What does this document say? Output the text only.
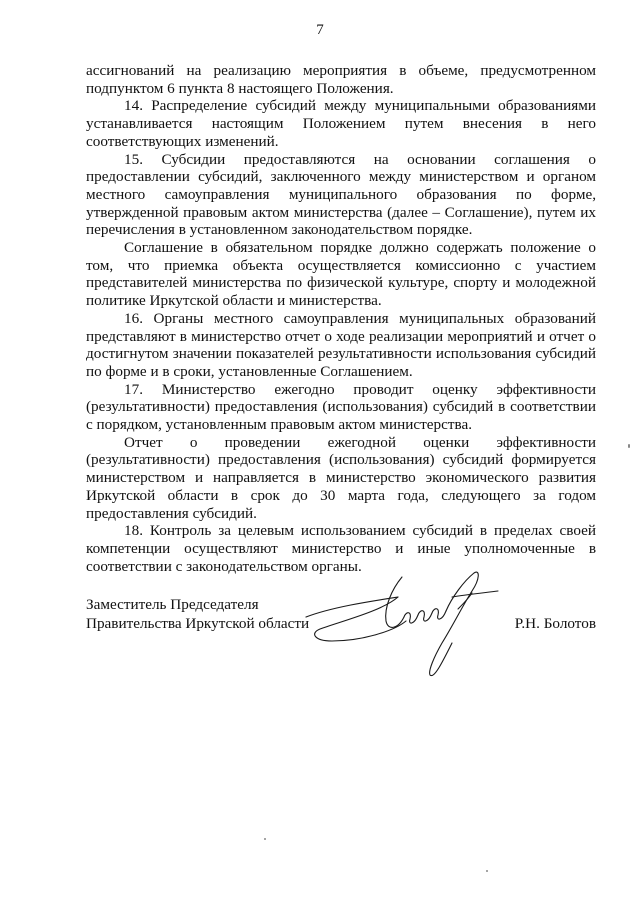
7

ассигнований на реализацию мероприятия в объеме, предусмотренном подпунктом 6 пункта 8 настоящего Положения.

14. Распределение субсидий между муниципальными образованиями устанавливается настоящим Положением путем внесения в него соответствующих изменений.

15. Субсидии предоставляются на основании соглашения о предоставлении субсидий, заключенного между министерством и органом местного самоуправления муниципального образования по форме, утвержденной правовым актом министерства (далее – Соглашение), путем их перечисления в установленном законодательством порядке.

Соглашение в обязательном порядке должно содержать положение о том, что приемка объекта осуществляется комиссионно с участием представителей министерства по физической культуре, спорту и молодежной политике Иркутской области и министерства.

16. Органы местного самоуправления муниципальных образований представляют в министерство отчет о ходе реализации мероприятий и отчет о достигнутом значении показателей результативности использования субсидий по форме и в сроки, установленные Соглашением.

17. Министерство ежегодно проводит оценку эффективности (результативности) предоставления (использования) субсидий в соответствии с порядком, установленным правовым актом министерства.

Отчет о проведении ежегодной оценки эффективности (результативности) предоставления (использования) субсидий формируется министерством и направляется в министерство экономического развития Иркутской области в срок до 30 марта года, следующего за годом предоставления субсидий.

18. Контроль за целевым использованием субсидий в пределах своей компетенции осуществляют министерство и иные уполномоченные в соответствии с законодательством органы.

Заместитель Председателя
Правительства Иркутской области	Р.Н. Болотов
